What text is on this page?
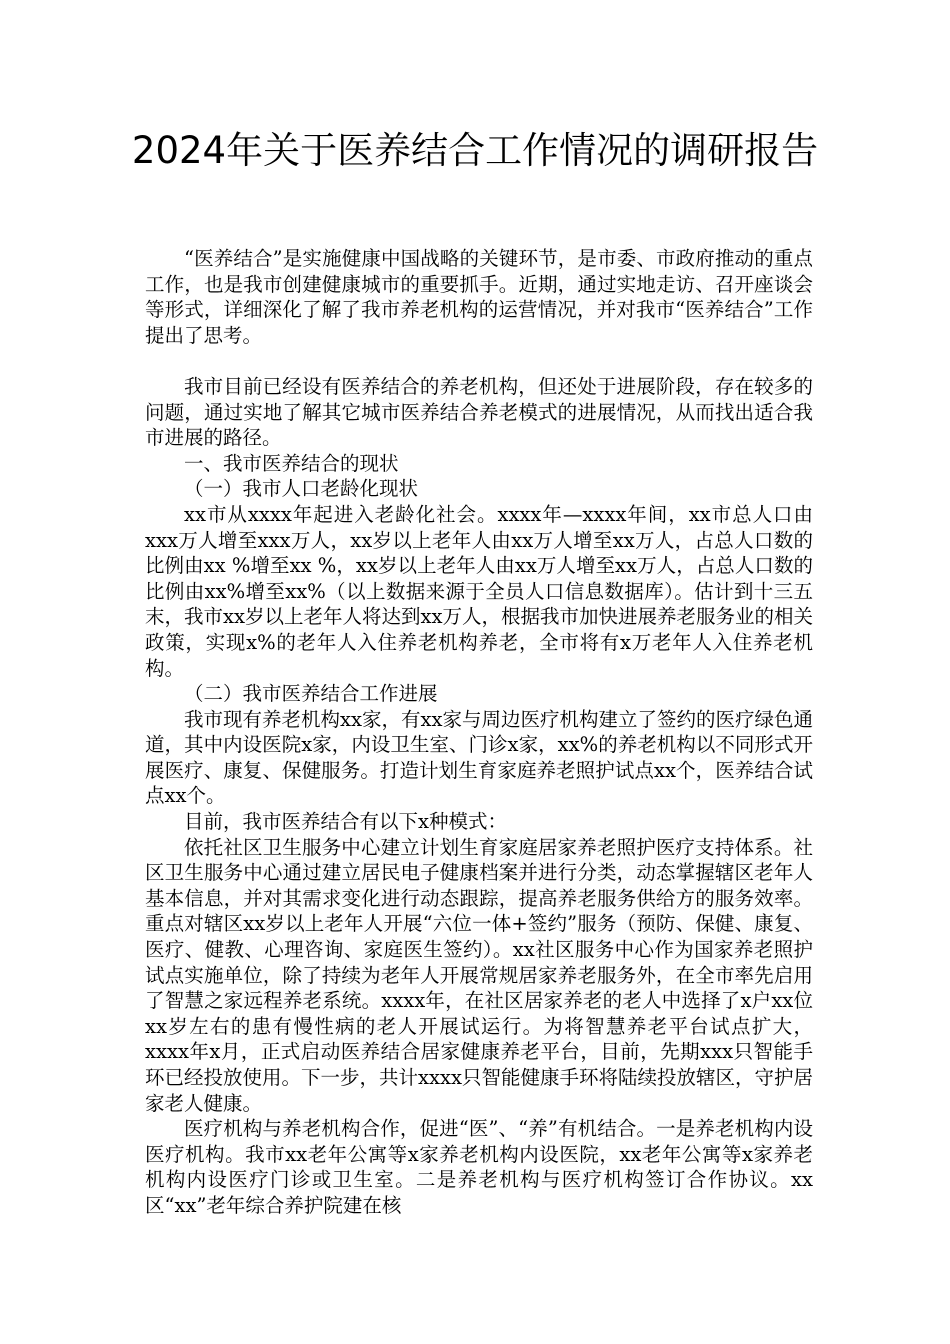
2024年关于医养结合工作情况的调研报告

“医养结合”是实施健康中国战略的关键环节，是市委、市政府推动的重点工作，也是我市创建健康城市的重要抓手。近期，通过实地走访、召开座谈会等形式，详细深化了解了我市养老机构的运营情况，并对我市“医养结合”工作提出了思考。

我市目前已经设有医养结合的养老机构，但还处于进展阶段，存在较多的问题，通过实地了解其它城市医养结合养老模式的进展情况，从而找出适合我市进展的路径。

一、我市医养结合的现状

（一）我市人口老龄化现状

xx市从xxxx年起进入老龄化社会。xxxx年—xxxx年间，xx市总人口由xxx万人增至xxx万人，xx岁以上老年人由xx万人增至xx万人，占总人口数的比例由xx %增至xx %，xx岁以上老年人由xx万人增至xx万人，占总人口数的比例由xx%增至xx%（以上数据来源于全员人口信息数据库）。估计到十三五末，我市xx岁以上老年人将达到xx万人，根据我市加快进展养老服务业的相关政策，实现x%的老年人入住养老机构养老，全市将有x万老年人入住养老机构。

（二）我市医养结合工作进展

我市现有养老机构xx家，有xx家与周边医疗机构建立了签约的医疗绿色通道，其中内设医院x家，内设卫生室、门诊x家，xx%的养老机构以不同形式开展医疗、康复、保健服务。打造计划生育家庭养老照护试点xx个，医养结合试点xx个。

目前，我市医养结合有以下x种模式：

依托社区卫生服务中心建立计划生育家庭居家养老照护医疗支持体系。社区卫生服务中心通过建立居民电子健康档案并进行分类，动态掌握辖区老年人基本信息，并对其需求变化进行动态跟踪，提高养老服务供给方的服务效率。重点对辖区xx岁以上老年人开展“六位一体+签约”服务（预防、保健、康复、医疗、健教、心理咨询、家庭医生签约）。xx社区服务中心作为国家养老照护试点实施单位，除了持续为老年人开展常规居家养老服务外，在全市率先启用了智慧之家远程养老系统。xxxx年，在社区居家养老的老人中选择了x户xx位xx岁左右的患有慢性病的老人开展试运行。为将智慧养老平台试点扩大，xxxx年x月，正式启动医养结合居家健康养老平台，目前，先期xxx只智能手环已经投放使用。下一步，共计xxxx只智能健康手环将陆续投放辖区，守护居家老人健康。

医疗机构与养老机构合作，促进“医”、“养”有机结合。一是养老机构内设医疗机构。我市xx老年公寓等x家养老机构内设医院，xx老年公寓等x家养老机构内设医疗门诊或卫生室。二是养老机构与医疗机构签订合作协议。xx区“xx”老年综合养护院建在核
